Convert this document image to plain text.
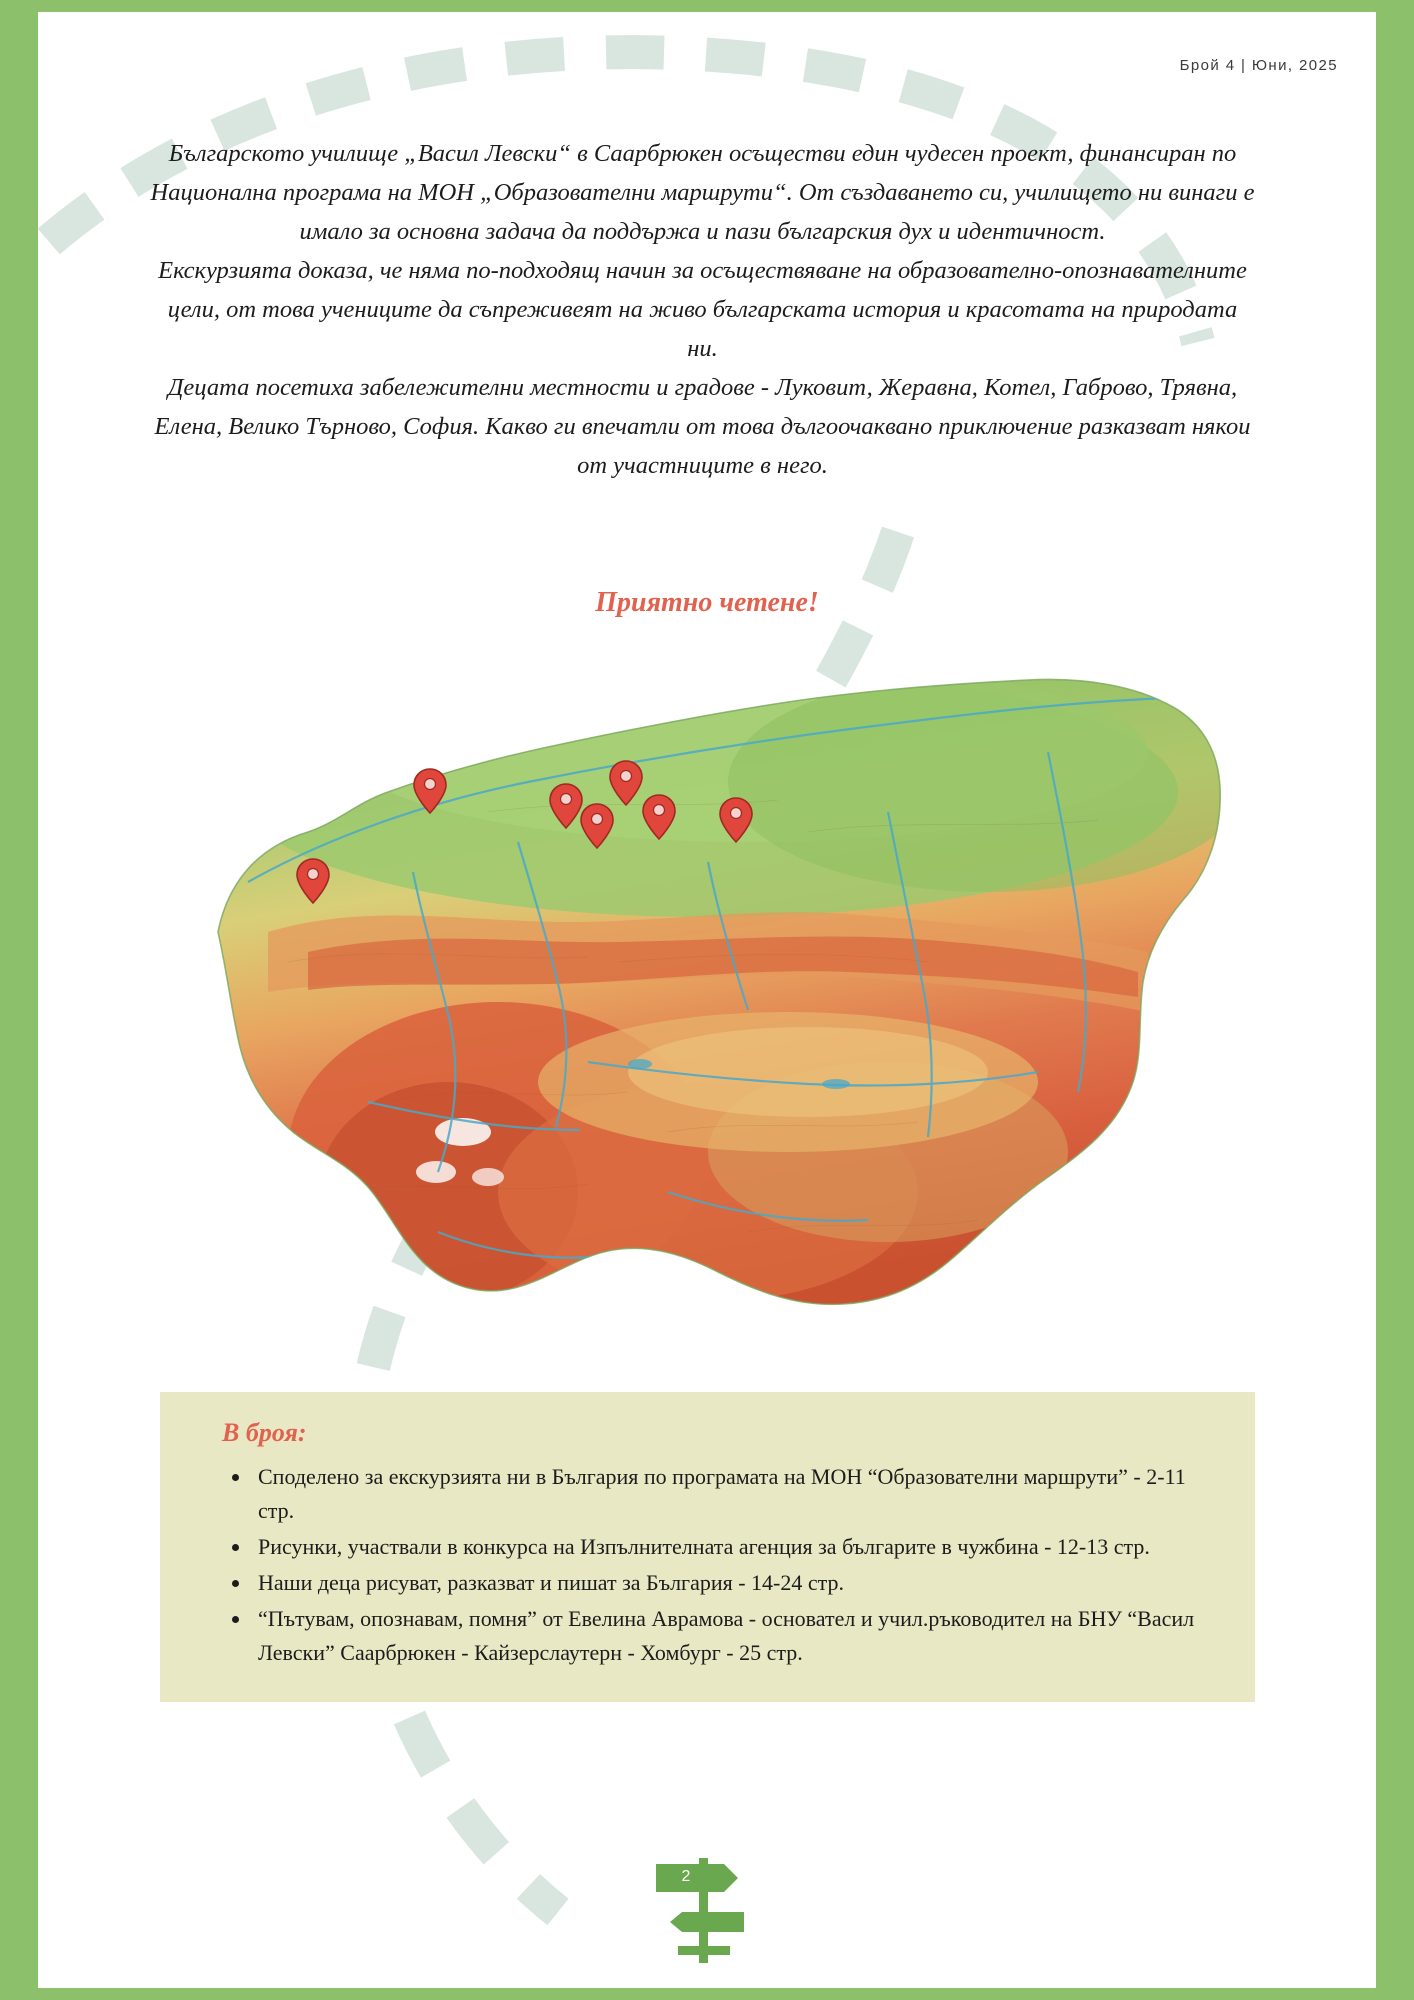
Брой 4 | Юни, 2025

Българското училище „Васил Левски“ в Саарбрюкен осъществи един чудесен проект, финансиран по Национална програма на МОН „Образователни маршрути“. От създаването си, училището ни винаги е имало за основна задача да поддържа и пази българския дух и идентичност.

Екскурзията доказа, че няма по-подходящ начин за осъществяване на образователно-опознавателните цели, от това учениците да съпреживеят на живо българската история и красотата на природата ни.

Децата посетиха забележителни местности и градове - Луковит, Жеравна, Котел, Габрово, Трявна, Елена, Велико Търново, София. Какво ги впечатли от това дългоочаквано приключение разказват някои от участниците в него.

Приятно четене!
В броя:
• Споделено за екскурзията ни в България по програмата на МОН “Образователни маршрути” - 2-11 стр.
• Рисунки, участвали в конкурса на Изпълнителната агенция за българите в чужбина - 12-13 стр.
• Наши деца рисуват, разказват и пишат за България - 14-24 стр.
• “Пътувам, опознавам, помня” от Евелина Аврамова - основател и учил.ръководител на БНУ “Васил Левски” Саарбрюкен - Кайзерслаутерн - Хомбург - 25 стр.
2
